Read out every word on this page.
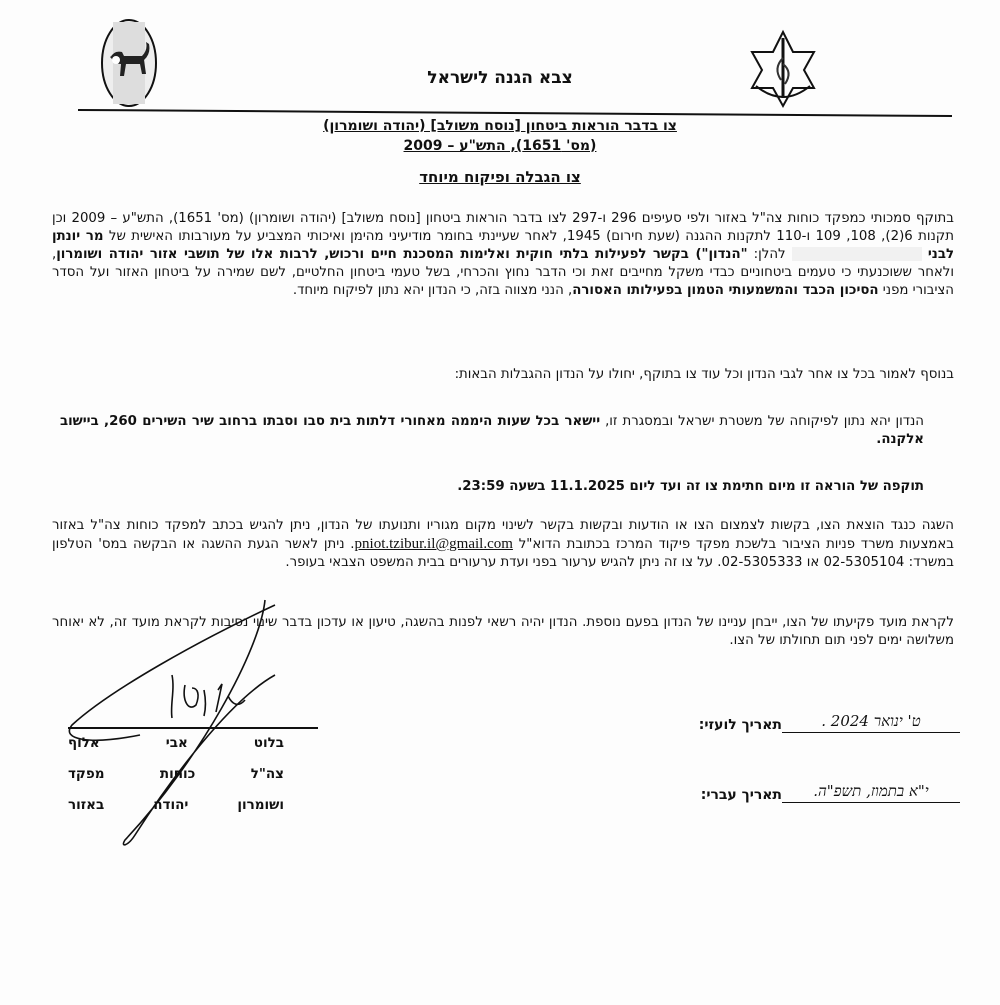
צבא הגנה לישראל
צו בדבר הוראות ביטחון [נוסח משולב] (יהודה ושומרון)
(מס' 1651), התש"ע – 2009
צו הגבלה ופיקוח מיוחד
בתוקף סמכותי כמפקד כוחות צה"ל באזור ולפי סעיפים 296 ו-297 לצו בדבר הוראות ביטחון [נוסח משולב] (יהודה ושומרון) (מס' 1651), התש"ע – 2009 וכן תקנות 6(2), 108, 109 ו-110 לתקנות ההגנה (שעת חירום) 1945, לאחר שעיינתי בחומר מודיעיני מהימן ואיכותי המצביע על מעורבותו האישית של מר יונתן לבני  להלן: "הנדון") בקשר לפעילות בלתי חוקית ואלימות המסכנת חיים ורכוש, לרבות אלו של תושבי אזור יהודה ושומרון, ולאחר ששוכנעתי כי טעמים ביטחוניים כבדי משקל מחייבים זאת וכי הדבר נחוץ והכרחי, בשל טעמי ביטחון החלטיים, לשם שמירה על ביטחון האזור ועל הסדר הציבורי מפני הסיכון הכבד והמשמעותי הטמון בפעילותו האסורה, הנני מצווה בזה, כי הנדון יהא נתון לפיקוח מיוחד.
בנוסף לאמור בכל צו אחר לגבי הנדון וכל עוד צו בתוקף, יחולו על הנדון ההגבלות הבאות:
הנדון יהא נתון לפיקוחה של משטרת ישראל ובמסגרת זו, יישאר בכל שעות היממה מאחורי דלתות בית סבו וסבתו ברחוב שיר השירים 260, ביישוב אלקנה.
תוקפה של הוראה זו מיום חתימת צו זה ועד ליום 11.1.2025 בשעה 23:59.
השגה כנגד הוצאת הצו, בקשות לצמצום הצו או הודעות ובקשות בקשר לשינוי מקום מגוריו ותנועתו של הנדון, ניתן להגיש בכתב למפקד כוחות צה"ל באזור באמצעות משרד פניות הציבור בלשכת מפקד פיקוד המרכז בכתובת הדוא"ל pniot.tzibur.il@gmail.com. ניתן לאשר הגעת ההשגה או הבקשה במס' הטלפון במשרד: 02-5305104 או 02-5305333. על צו זה ניתן להגיש ערעור בפני ועדת ערעורים בבית המשפט הצבאי בעופר.
לקראת מועד פקיעתו של הצו, ייבחן עניינו של הנדון בפעם נוספת. הנדון יהיה רשאי לפנות בהשגה, טיעון או עדכון בדבר שינוי נסיבות לקראת מועד זה, לא יאוחר משלושה ימים לפני תום תחולתו של הצו.
אלוף	אבי	בלוט
מפקד	כוחות	צה"ל
באזור	יהודה	ושומרון
תאריך לועזי:	ט' ינואר 2024 .
תאריך עברי:	י"א בתמוז, תשפ"ה.
